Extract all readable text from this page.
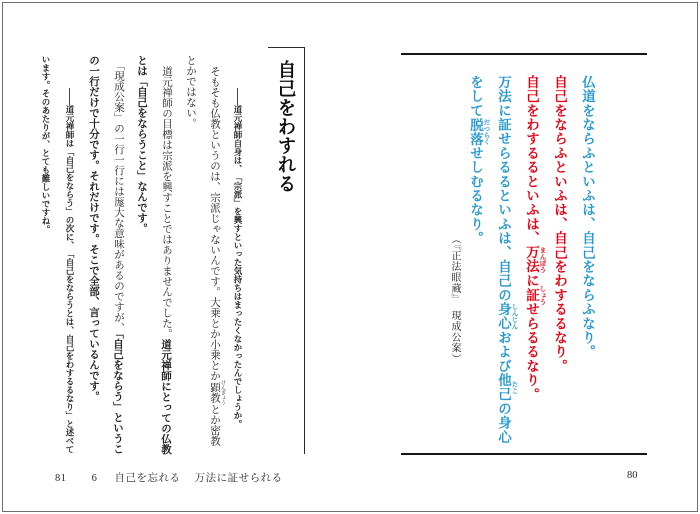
仏道をならふといふは、自己をならふなり。
自己をならふといふは、自己をわするるなり。
自己をわするるといふは、万法 まんぼうに証 しょうせらるるなり。
万法に証せらるるといふは、自己の身心 しんじんおよび他己 たこの身心をして脱落 だつらくせしむるなり。
（『正法眼蔵』　現成公案）
80
自己をわすれる

――道元禅師自身は、「宗派」を興すといった気持ちはまったくなかったんでしょうか。

そもそも仏教というのは、宗派じゃないんです。大乗とか小乗とか顕教 けんぎょうとか密教とかではない。

道元禅師の目標は宗派を興すことではありませんでした。道元禅師にとっての仏教とは「自己をならうこと」なんです。

「現成公案」の一行一行には厖大な意味があるのですが、「自己をならう」というこの一行だけで十分です。それだけです。そこで全部、言っているんです。

――道元禅師は「自己をならう」の次に、「自己をならうとは、自己をわするるなり」と述べています。そのあたりが、とても難しいですね。

81 6 自己を忘れる 万法に証せられる
